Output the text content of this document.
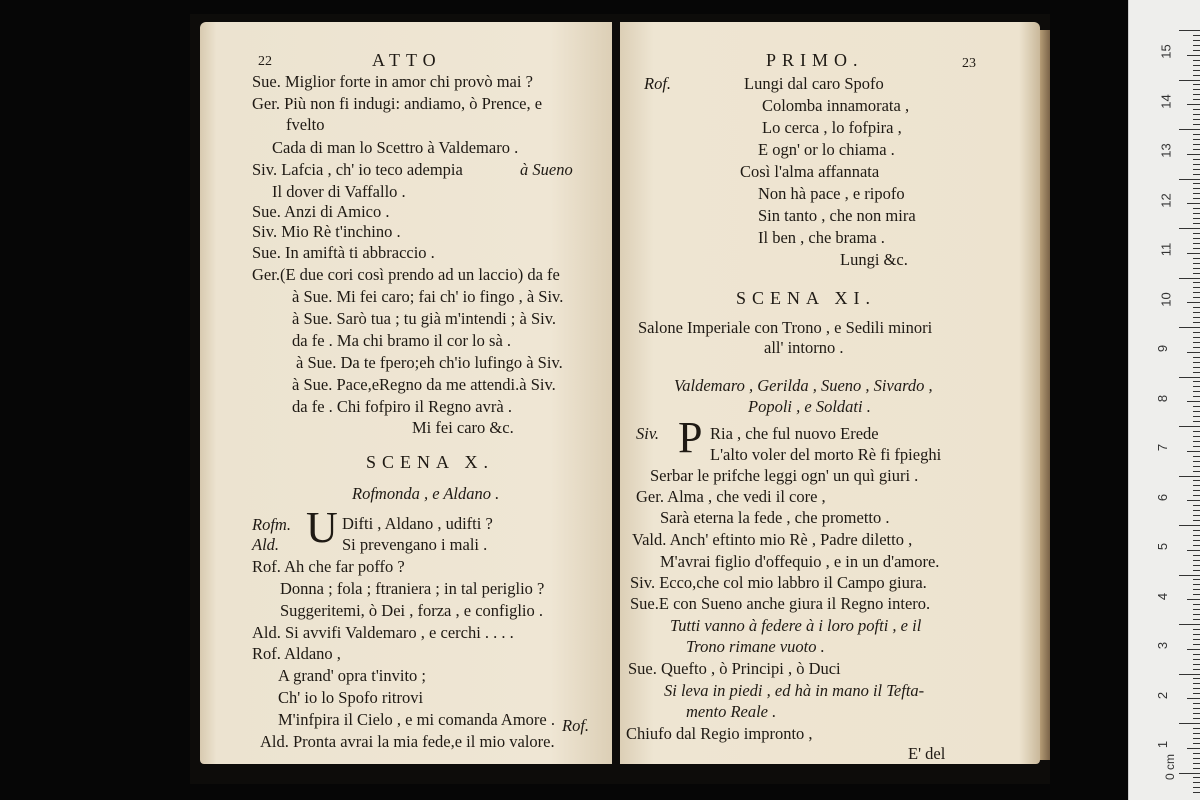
22	ATTO
Sue. Miglior forte in amor chi provò mai ?
Ger. Più non fi indugi: andiamo, ò Prence, e
fvelto
Cada di man lo Scettro à Valdemaro .
Siv. Lafcia , ch' io teco adempia	à Sueno
Il dover di Vaffallo .
Sue. Anzi di Amico .
Siv. Mio Rè t'inchino .
Sue. In amiftà ti abbraccio .
Ger.(E due cori così prendo ad un laccio) da fe
à Sue. Mi fei caro; fai ch' io fingo , à Siv.
à Sue. Sarò tua ; tu già m'intendi ; à Siv.
da fe . Ma chi bramo il cor lo sà .
à Sue. Da te fpero;eh ch'io lufingo à Siv.
à Sue. Pace,eRegno da me attendi.à Siv.
da fe . Chi fofpiro il Regno avrà .
Mi fei caro &c.
SCENA X.
Rofmonda , e Aldano .
Rofm. U Difti , Aldano , udifti ?
Ald.	Si prevengano i mali .
Rof. Ah che far poffo ?
Donna ; fola ; ftraniera ; in tal periglio ?
Suggeritemi, ò Dei , forza , e configlio .
Ald. Si avvifi Valdemaro , e cerchi . . . .
Rof. Aldano ,
A grand' opra t'invito ;
Ch' io lo Spofo ritrovi
M'infpira il Cielo , e mi comanda Amore .
Ald. Pronta avrai la mia fede,e il mio valore.
Rof.
PRIMO.	23
Rof.	Lungi dal caro Spofo
Colomba innamorata ,
Lo cerca , lo fofpira ,
E ogn' or lo chiama .
Così l'alma affannata
Non hà pace , e ripofo
Sin tanto , che non mira
Il ben , che brama .
Lungi &c.
SCENA XI.
Salone Imperiale con Trono , e Sedili minori
all' intorno .
Valdemaro , Gerilda , Sueno , Sivardo ,
Popoli , e Soldati .
Siv. P Ria , che ful nuovo Erede
L'alto voler del morto Rè fi fpieghi
Serbar le prifche leggi ogn' un quì giuri .
Ger. Alma , che vedi il core ,
Sarà eterna la fede , che prometto .
Vald. Anch' eftinto mio Rè , Padre diletto ,
M'avrai figlio d'offequio , e in un d'amore.
Siv. Ecco,che col mio labbro il Campo giura.
Sue.E con Sueno anche giura il Regno intero.
Tutti vanno à federe à i loro pofti , e il
Trono rimane vuoto .
Sue. Quefto , ò Principi , ò Duci
Si leva in piedi , ed hà in mano il Tefta-
mento Reale .
Chiufo dal Regio impronto ,
E' del
0 cm
15
14
13
12
11
10
9
8
7
6
5
4
3
2
1
